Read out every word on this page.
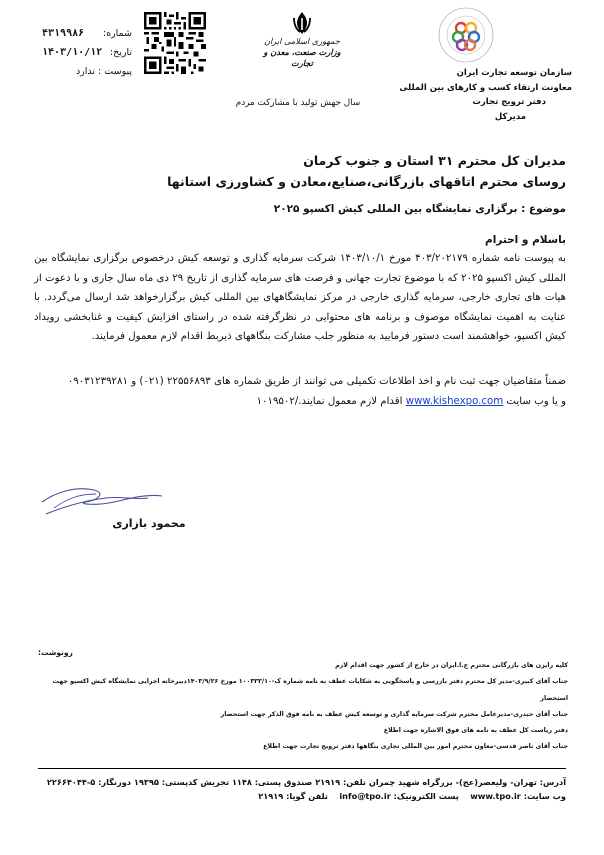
شماره:
۴۳۱۹۹۸۶
تاریخ:
۱۴۰۳/۱۰/۱۲
پیوست : ندارد
جمهوری اسلامی ایران
وزارت صنعت، معدن و تجارت
سال جهش تولید با مشارکت مردم
سازمان توسعه تجارت ایران
معاونت ارتقاء کسب و کارهای بین المللی
دفتر ترویج تجارت
مدیرکل
مدیران کل محترم ۳۱ استان و جنوب کرمان
روسای محترم اتاقهای بازرگانی،صنایع،معادن و کشاورزی استانها
موضوع : برگزاری نمایشگاه بین المللی کیش اکسپو ۲۰۲۵
باسلام و احترام
به پیوست نامه شماره ۴۰۳/۲۰۲۱۷۹ مورخ ۱۴۰۳/۱۰/۱ شرکت سرمایه گذاری و توسعه کیش درخصوص برگزاری نمایشگاه بین المللی کیش اکسپو ۲۰۲۵ که با موضوع تجارت جهانی و فرصت های سرمایه گذاری از تاریخ ۲۹ دی ماه سال جاری و با دعوت از هیات های تجاری خارجی، سرمایه گذاری خارجی در مرکز نمایشگاههای بین المللی کیش برگزارخواهد شد ارسال می‌گردد. با عنایت به اهمیت نمایشگاه موصوف و برنامه های محتوایی در نظرگرفته شده در راستای افزایش کیفیت و غنابخشی رویداد کیش اکسپو، خواهشمند است دستور فرمایید به منظور جلب مشارکت بنگاههای ذیربط اقدام لازم معمول فرمایند.
ضمناً متقاضیان جهت ثبت نام و اخذ اطلاعات تکمیلی می توانند از طریق شماره های ۲۲۵۵۶۸۹۳ (۰۲۱) و ۰۹۰۳۱۲۳۹۲۸۱
و یا وب سایت www.kishexpo.com اقدام لازم معمول نمایند./۱۰۱۹۵۰۲
محمود بازاری
رونوشت:
کلیه رایزن های بازرگانی محترم ج.ا.ایران در خارج از کشور جهت اقدام لازم
جناب آقای کبیری-مدیر کل محترم دفتر بازرسی و پاسخگویی به شکایات عطف به نامه شماره ک-۱۰۰۳۳۳/۱۰ مورخ ۱۴۰۳/۹/۲۶دبیرخانه اجرایی نمایشگاه کیش اکسپو جهت استحضار
جناب آقای حیدری-مدیرعامل محترم شرکت سرمایه گذاری و توسعه کیش عطف به نامه فوق الذکر جهت استحضار
دفتر ریاست کل عطف به نامه های فوق الاشاره جهت اطلاع
جناب آقای ناصر قدسی-معاون محترم امور بین المللی تجاری بنگاهها دفتر ترویج تجارت جهت اطلاع
آدرس: تهران- ولیعصر(عج)- بزرگراه شهید چمران تلفن: ۲۱۹۱۹ صندوق پستی: ۱۱۴۸ تجریش کدپستی: ۱۹۳۹۵ دورنگار: ۵-۲۲۶۶۴۰۴۴
وب سایت: www.tpo.ir    پست الکترونیک: info@tpo.ir    تلفن گویا: ۲۱۹۱۹
